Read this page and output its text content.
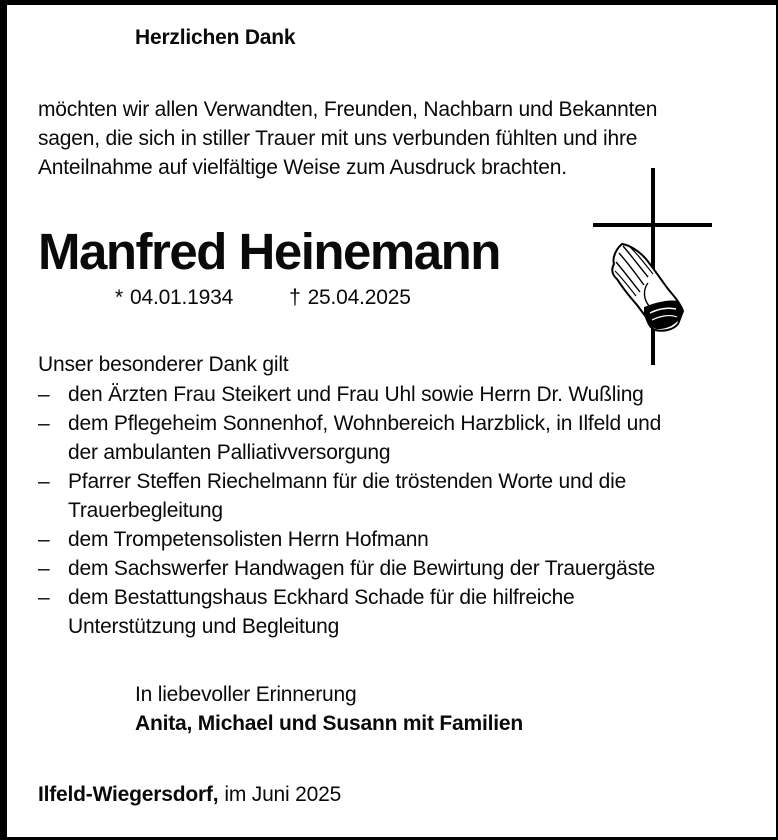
Herzlichen Dank
möchten wir allen Verwandten, Freunden, Nachbarn und Bekannten
sagen, die sich in stiller Trauer mit uns verbunden fühlten und ihre
Anteilnahme auf vielfältige Weise zum Ausdruck brachten.
Manfred Heinemann
* 04.01.1934	† 25.04.2025
Unser besonderer Dank gilt
– den Ärzten Frau Steikert und Frau Uhl sowie Herrn Dr. Wußling
– dem Pflegeheim Sonnenhof, Wohnbereich Harzblick, in Ilfeld und
der ambulanten Palliativversorgung
– Pfarrer Steffen Riechelmann für die tröstenden Worte und die
Trauerbegleitung
– dem Trompetensolisten Herrn Hofmann
– dem Sachswerfer Handwagen für die Bewirtung der Trauergäste
– dem Bestattungshaus Eckhard Schade für die hilfreiche
Unterstützung und Begleitung
In liebevoller Erinnerung
Anita, Michael und Susann mit Familien
Ilfeld-Wiegersdorf, im Juni 2025
